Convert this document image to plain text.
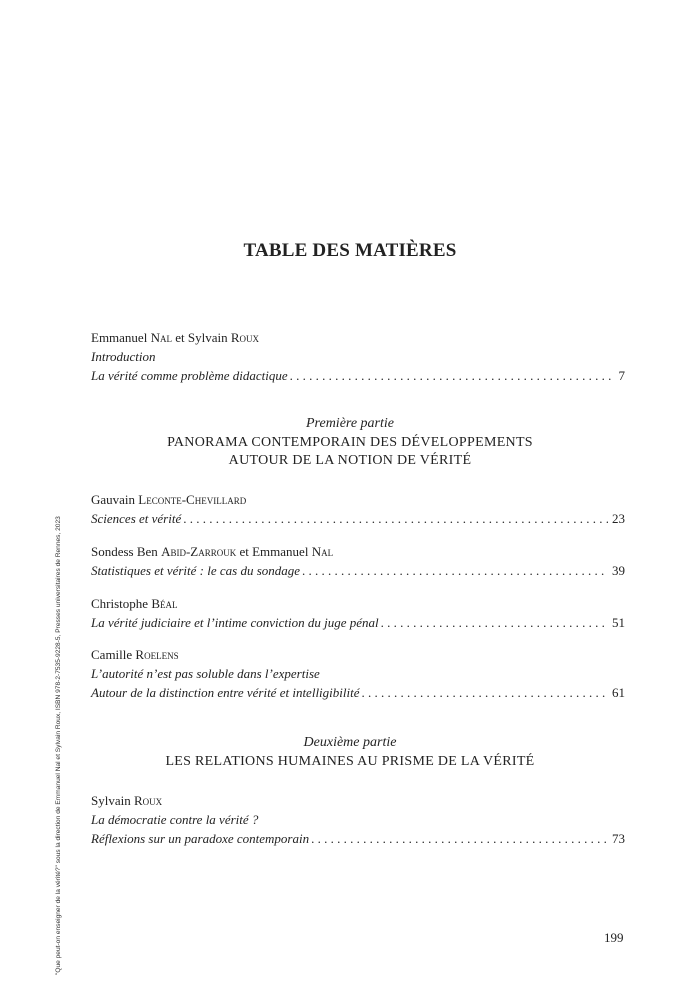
TABLE DES MATIÈRES
Emmanuel Nal et Sylvain Roux
Introduction
La vérité comme problème didactique . . .	7
Première partie
PANORAMA CONTEMPORAIN DES DÉVELOPPEMENTS
AUTOUR DE LA NOTION DE VÉRITÉ
Gauvain Leconte-Chevillard
Sciences et vérité . . .	23
Sondess Ben Abid-Zarrouk et Emmanuel Nal
Statistiques et vérité : le cas du sondage . . .	39
Christophe Béal
La vérité judiciaire et l’intime conviction du juge pénal . . .	51
Camille Roelens
L’autorité n’est pas soluble dans l’expertise
Autour de la distinction entre vérité et intelligibilité . . .	61
Deuxième partie
LES RELATIONS HUMAINES AU PRISME DE LA VÉRITÉ
Sylvain Roux
La démocratie contre la vérité ?
Réflexions sur un paradoxe contemporain . . .	73
"Que peut-on enseigner de la vérité?" sous la direction de Emmanuel Nal et Sylvain Roux, ISBN 978-2-7535-9228-5, Presses universitaires de Rennes, 2023	199
